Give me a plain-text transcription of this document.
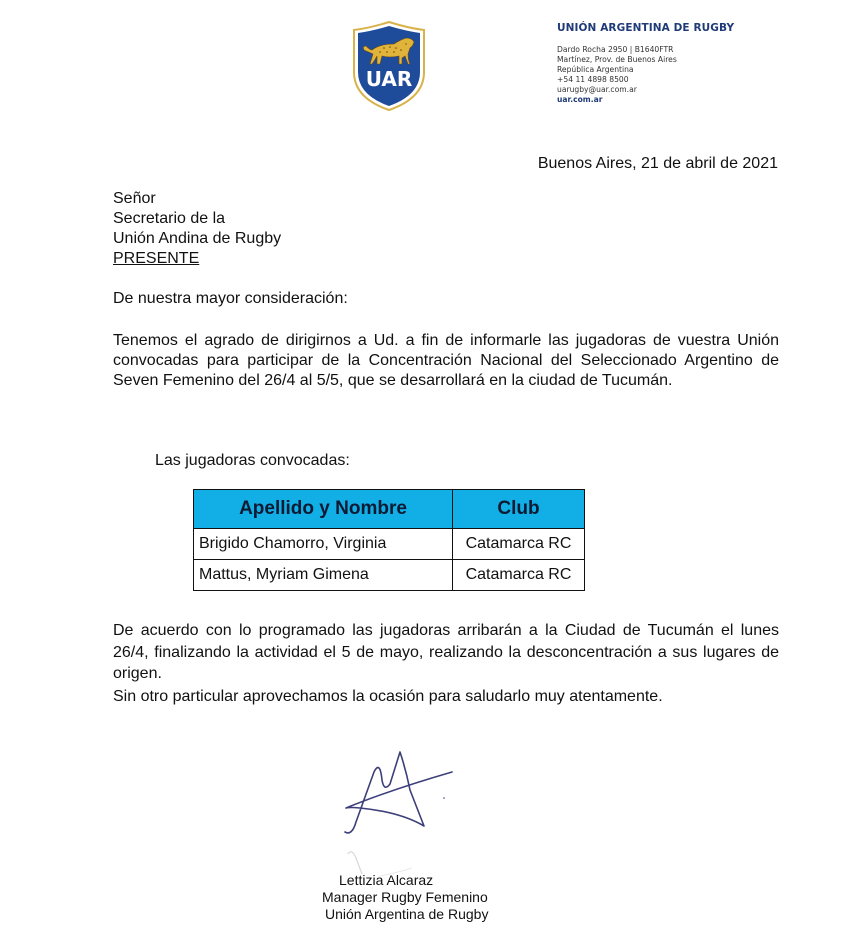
UAR
UNIÓN ARGENTINA DE RUGBY
Dardo Rocha 2950 | B1640FTR
Martínez, Prov. de Buenos Aires
República Argentina
+54 11 4898 8500
uarugby@uar.com.ar
uar.com.ar
Buenos Aires, 21 de abril de 2021
Señor
Secretario de la
Unión Andina de Rugby
PRESENTE
De nuestra mayor consideración:
Tenemos el agrado de dirigirnos a Ud. a fin de informarle las jugadoras de vuestra Unión convocadas para participar de la Concentración Nacional del Seleccionado Argentino de Seven Femenino del 26/4 al 5/5, que se desarrollará en la ciudad de Tucumán.
Las jugadoras convocadas:
Apellido y Nombre	Club
Brigido Chamorro, Virginia	Catamarca RC
Mattus, Myriam Gimena	Catamarca RC
De acuerdo con lo programado las jugadoras arribarán a la Ciudad de Tucumán el lunes 26/4, finalizando la actividad el 5 de mayo, realizando la desconcentración a sus lugares de origen.
Sin otro particular aprovechamos la ocasión para saludarlo muy atentamente.
Lettizia Alcaraz
Manager Rugby Femenino
Unión Argentina de Rugby
